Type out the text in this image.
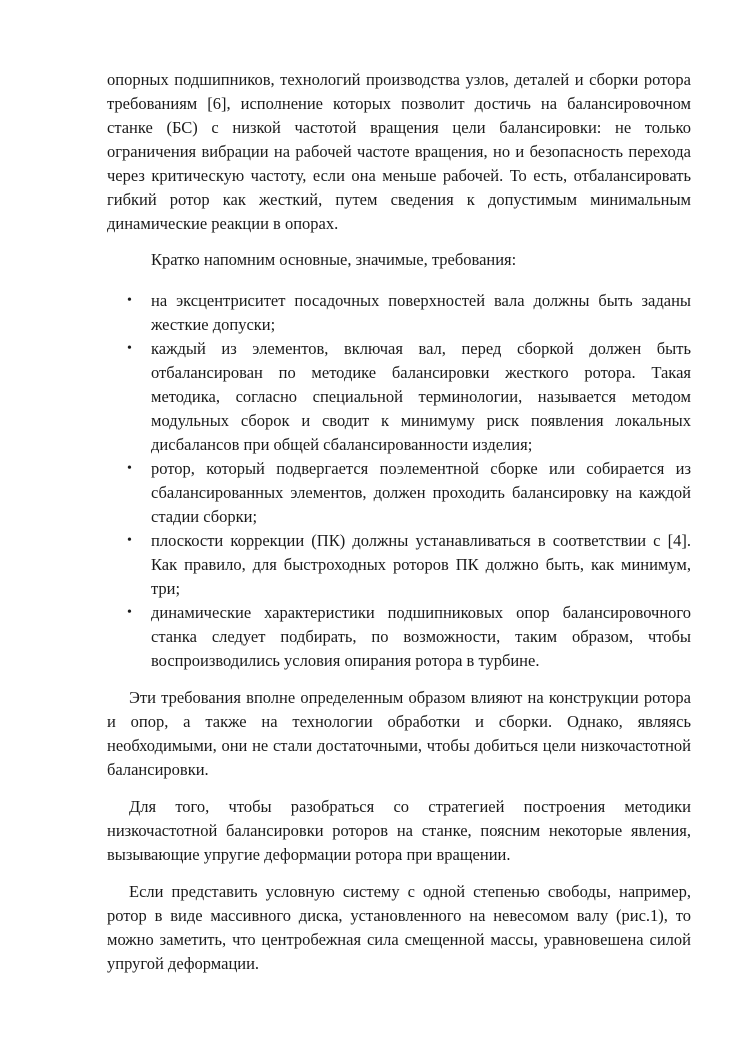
опорных подшипников, технологий производства узлов, деталей и сборки ротора требованиям [6], исполнение которых позволит достичь на балансировочном станке (БС) с низкой частотой вращения цели балансировки: не только ограничения вибрации на рабочей частоте вращения, но и безопасность перехода через критическую частоту, если она меньше рабочей. То есть, отбалансировать гибкий ротор как жесткий, путем сведения к допустимым минимальным динамические реакции в опорах.

Кратко напомним основные, значимые, требования:

• на эксцентриситет посадочных поверхностей вала должны быть заданы жесткие допуски;
• каждый из элементов, включая вал, перед сборкой должен быть отбалансирован по методике балансировки жесткого ротора. Такая методика, согласно специальной терминологии, называется методом модульных сборок и сводит к минимуму риск появления локальных дисбалансов при общей сбалансированности изделия;
• ротор, который подвергается поэлементной сборке или собирается из сбалансированных элементов, должен проходить балансировку на каждой стадии сборки;
• плоскости коррекции (ПК) должны устанавливаться в соответствии с [4]. Как правило, для быстроходных роторов ПК должно быть, как минимум, три;
• динамические характеристики подшипниковых опор балансировочного станка следует подбирать, по возможности, таким образом, чтобы воспроизводились условия опирания ротора в турбине.

Эти требования вполне определенным образом влияют на конструкции ротора и опор, а также на технологии обработки и сборки. Однако, являясь необходимыми, они не стали достаточными, чтобы добиться цели низкочастотной балансировки.

Для того, чтобы разобраться со стратегией построения методики низкочастотной балансировки роторов на станке, поясним некоторые явления, вызывающие упругие деформации ротора при вращении.

Если представить условную систему с одной степенью свободы, например, ротор в виде массивного диска, установленного на невесомом валу (рис.1), то можно заметить, что центробежная сила смещенной массы, уравновешена силой упругой деформации.
